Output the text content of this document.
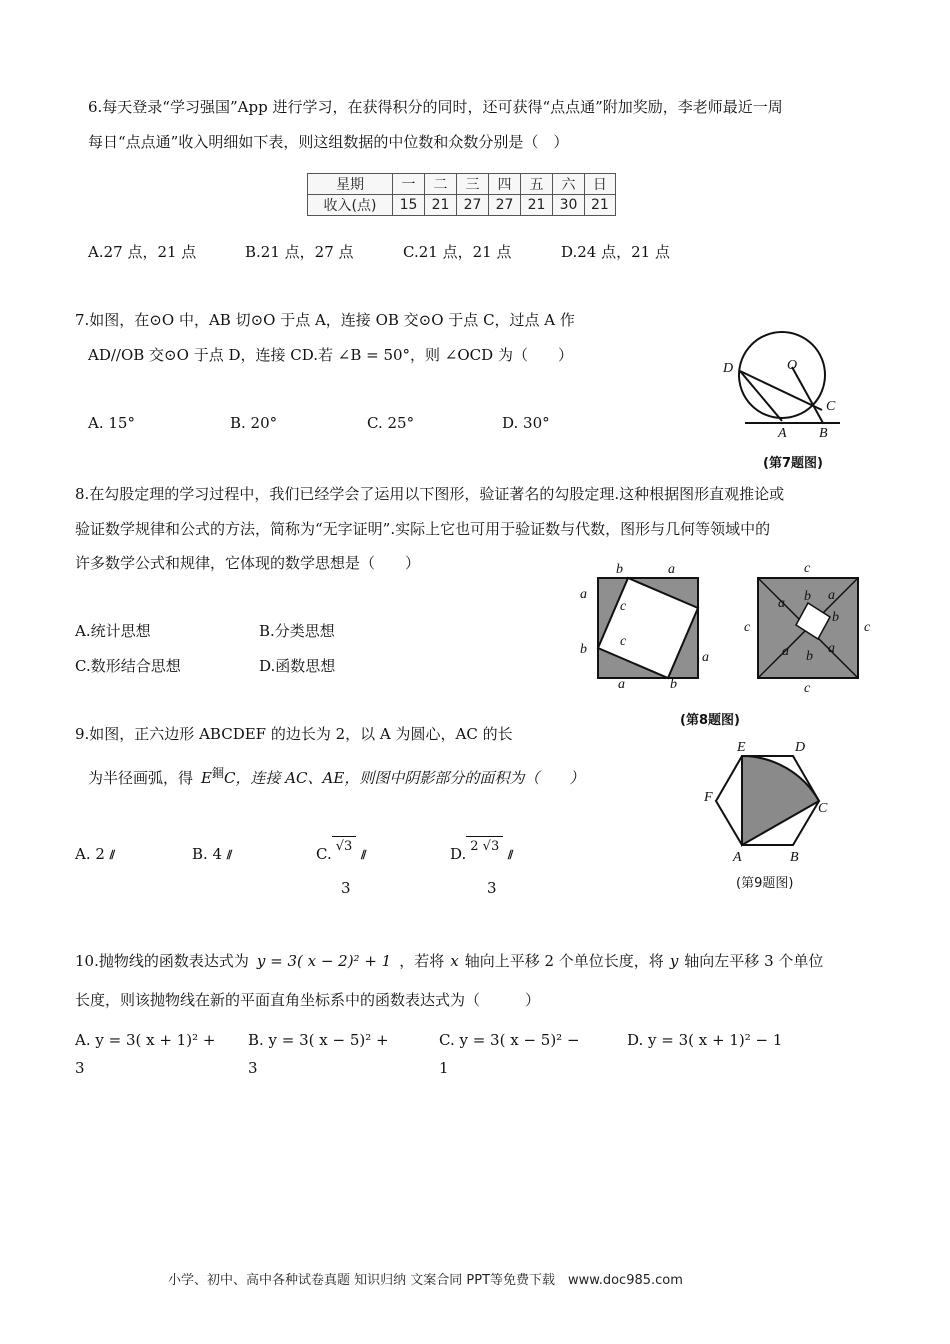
6.每天登录“学习强国”App 进行学习，在获得积分的同时，还可获得“点点通”附加奖励，李老师最近一周
每日“点点通”收入明细如下表，则这组数据的中位数和众数分别是（　）
星期	一	二	三	四	五	六	日
收入(点)	15	21	27	27	21	30	21
A.27 点，21 点	B.21 点，27 点	C.21 点，21 点	D.24 点，21 点
7.如图，在⊙O 中，AB 切⊙O 于点 A，连接 OB 交⊙O 于点 C，过点 A 作
AD//OB 交⊙O 于点 D，连接 CD.若 ∠B = 50°，则 ∠OCD 为（　　）
A. 15°	B. 20°	C. 25°	D. 30°
D	O
C
A B
(第7题图)
8.在勾股定理的学习过程中，我们已经学会了运用以下图形，验证著名的勾股定理.这种根据图形直观推论或
验证数学规律和公式的方法，简称为“无字证明”.实际上它也可用于验证数与代数，图形与几何等领域中的
许多数学公式和规律，它体现的数学思想是（　　）
A.统计思想	B.分类思想
C.数形结合思想	D.函数思想
b	a
a
b
a
a	b
c
c
c
c	c
c
a b a
b
a b
a
(第8题图)
9.如图，正六边形 ABCDEF 的边长为 2，以 A 为圆心，AC 的长
为半径画弧，得 $E^錮C$，连接 AC、AE，则图中阴影部分的面积为（　　）
A. 2 ⫽	B. 4 ⫽	C. √3 ⫽
3
D. 2 √3 ⫽
3
E	D
F
C
A	B
(第9题图)
10.抛物线的函数表达式为 y = 3( x − 2)² + 1 ，若将 x 轴向上平移 2 个单位长度，将 y 轴向左平移 3 个单位
长度，则该抛物线在新的平面直角坐标系中的函数表达式为（　　　）
A. y = 3( x + 1)² +
3
B. y = 3( x − 5)² +
3
C. y = 3( x − 5)² −
1
D. y = 3( x + 1)² − 1
小学、初中、高中各种试卷真题 知识归纳 文案合同 PPT等免费下载　www.doc985.com
